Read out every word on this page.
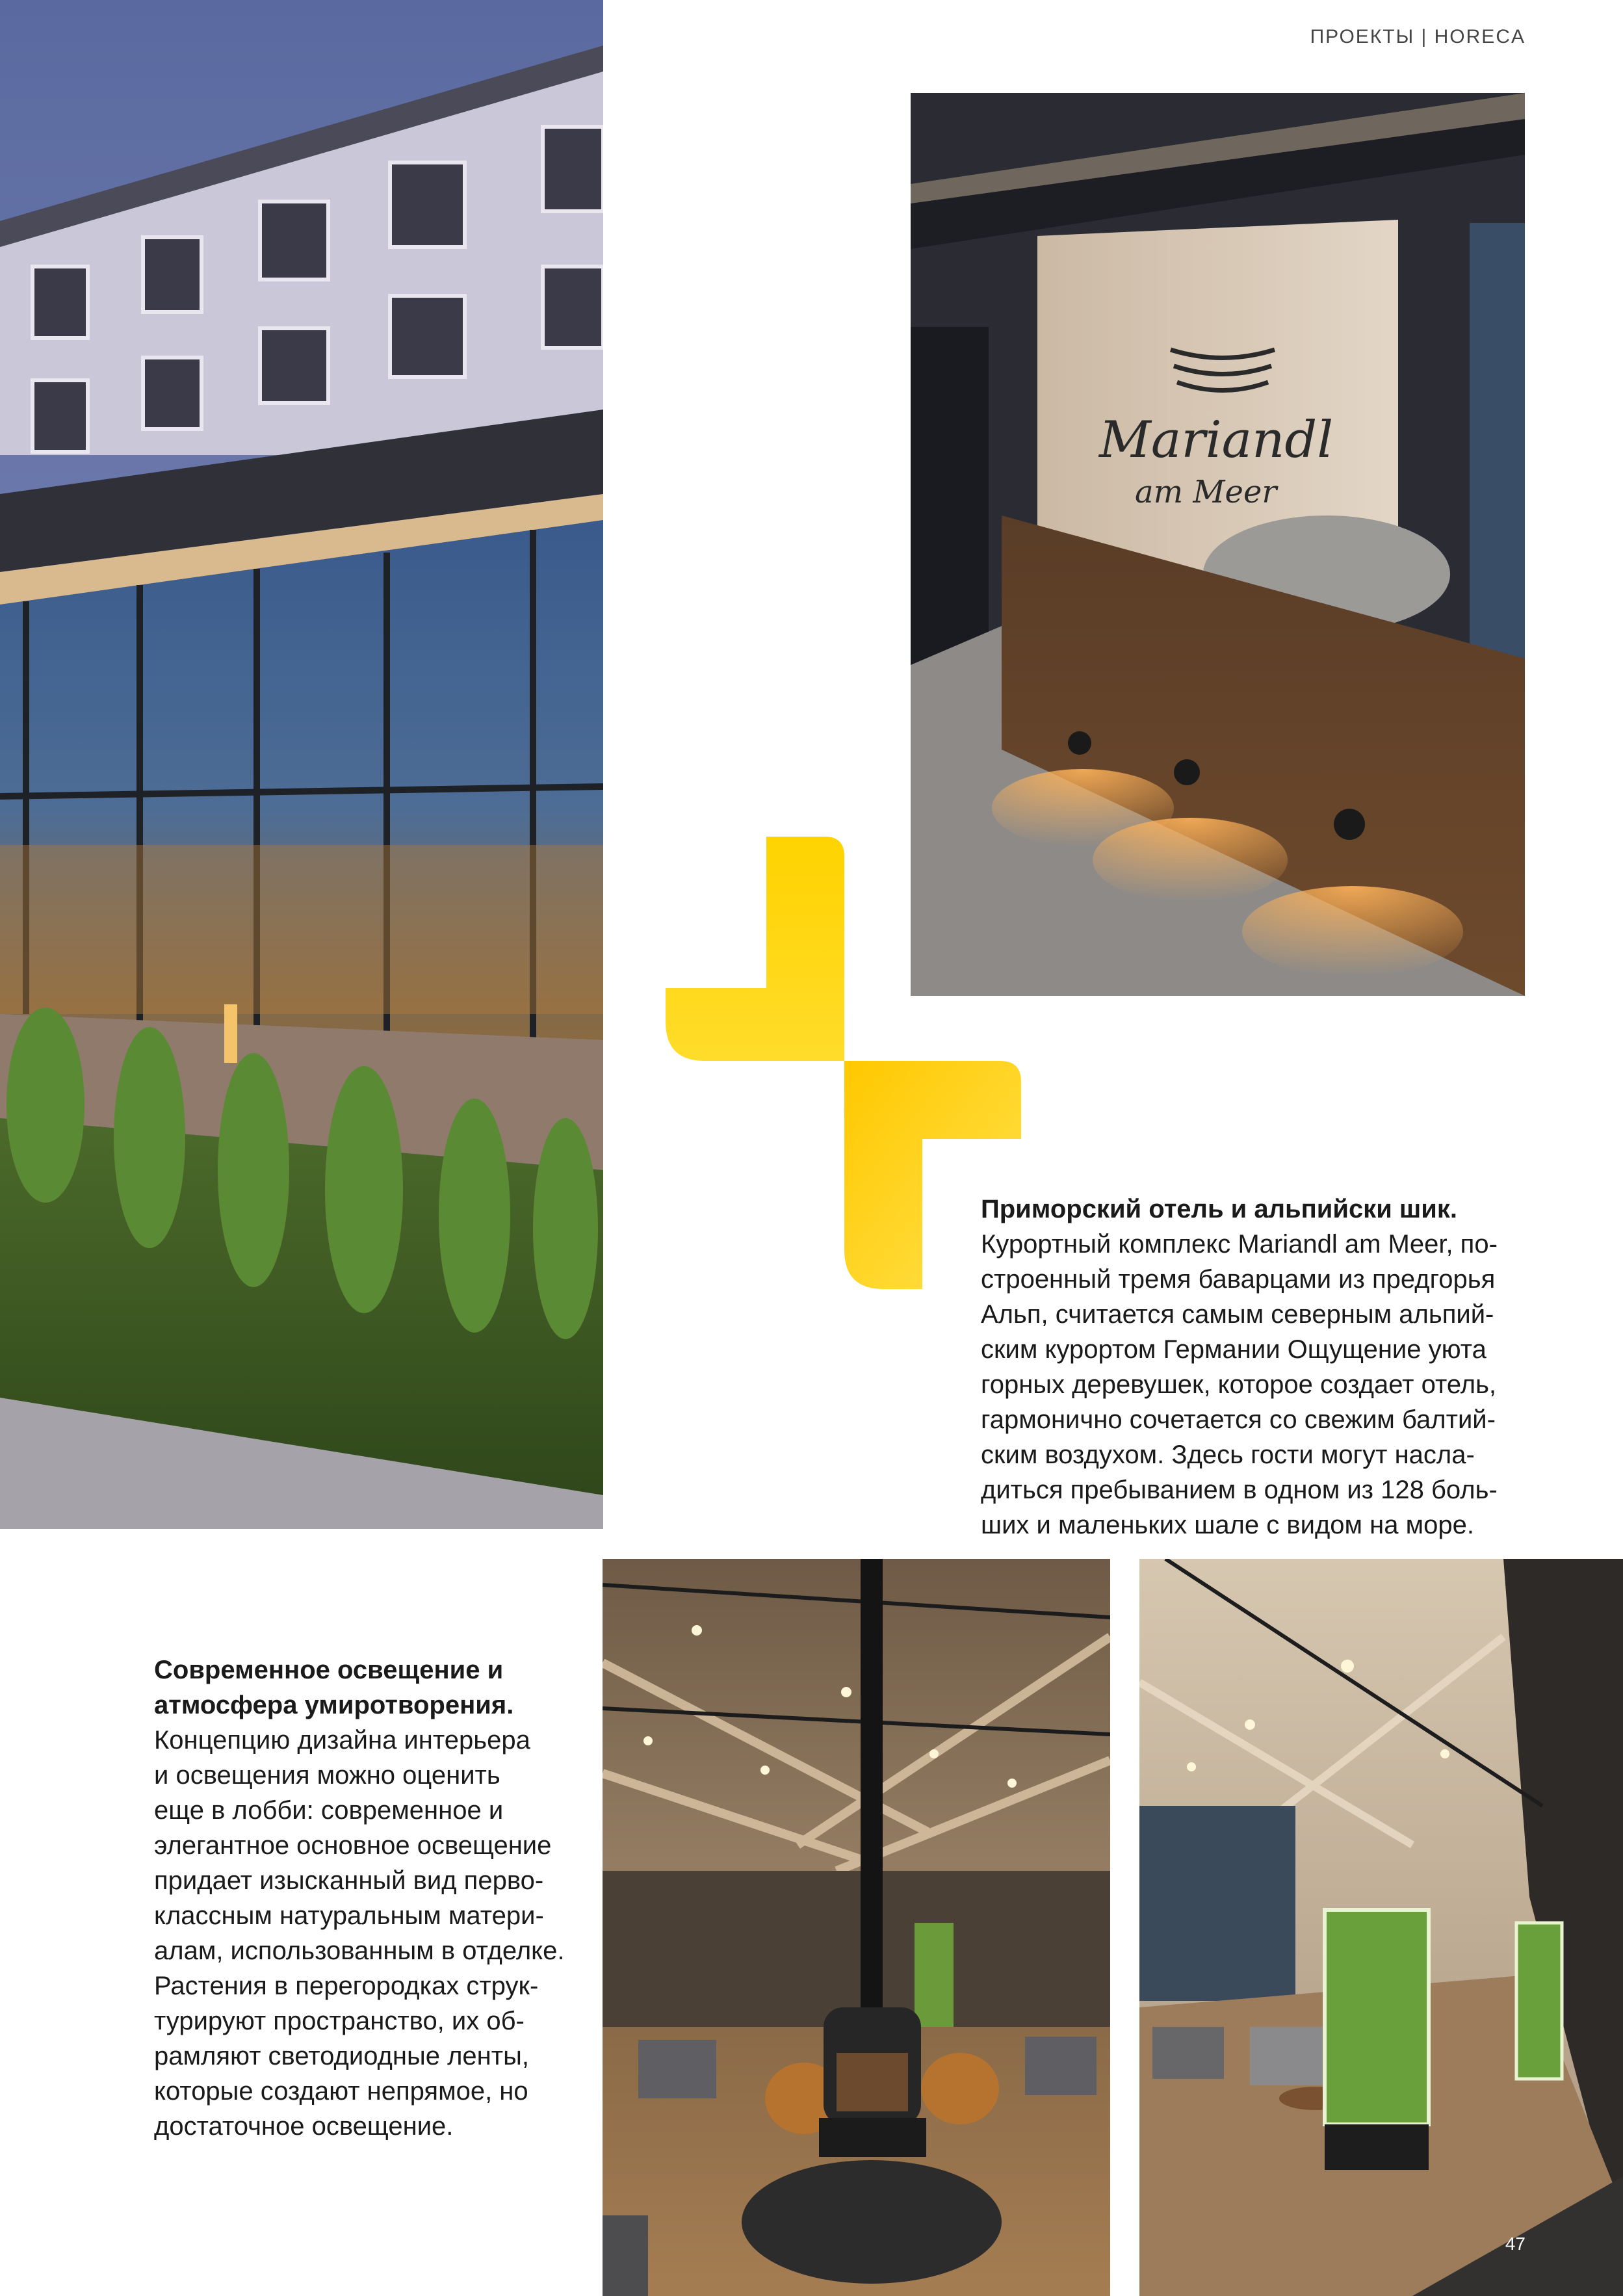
ПРОЕКТЫ | HORECA
Mariandl
am Meer
Приморский отель и альпийски шик.
Курортный комплекс Mariandl am Meer, по-
строенный тремя баварцами из предгорья
Альп, считается самым северным альпий-
ским курортом Германии Ощущение уюта
горных деревушек, которое создает отель,
гармонично сочетается со свежим балтий-
ским воздухом. Здесь гости могут насла-
диться пребыванием в одном из 128 боль-
ших и маленьких шале с видом на море.
Современное освещение и
атмосфера умиротворения.
Концепцию дизайна интерьера
и освещения можно оценить
еще в лобби: современное и
элегантное основное освещение
придает изысканный вид перво-
классным натуральным матери-
алам, использованным в отделке.
Растения в перегородках струк-
турируют пространство, их об-
рамляют светодиодные ленты,
которые создают непрямое, но
достаточное освещение.
47
